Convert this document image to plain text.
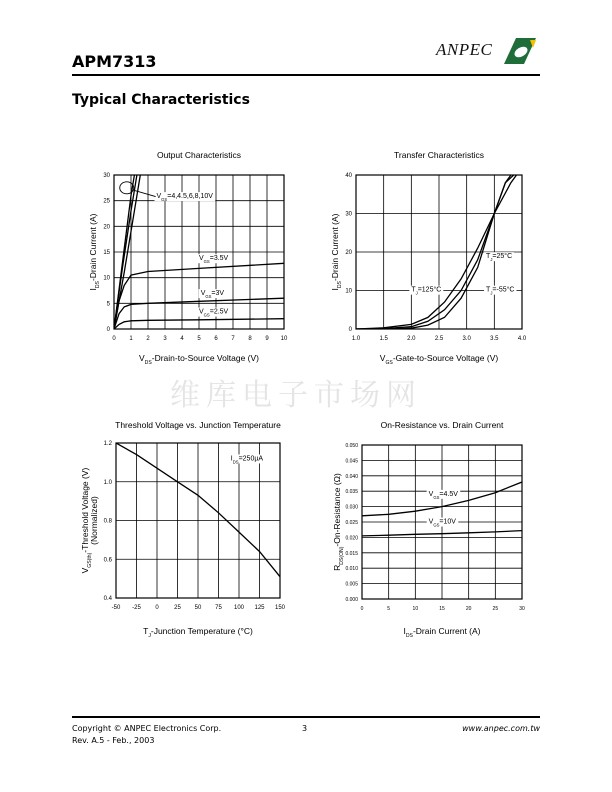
APM7313
ANPEC
Typical Characteristics
维库电子市场网
Output Characteristics
0 1 2 3 4 5 6 7 8 9 10
0
5
10
15
20
25
30
$V_{GS}=4,4.5,6,8,10V$
$V_{GS}=3.5V$
$V_{GS}=3V$
$V_{GS}=2.5V$
$V_{DS}-Drain-to$-Source Voltage (V)
$I_{DS}$-Drain Current (A)
Transfer Characteristics
1.0	1.5	2.0	2.5	3.0	3.5	4.0
0
10
20
30
40
$T_J=25^\circ C$
$T_J=125^\circ C$	$T_J=-55^\circ C$
$V_{GS}-Gate-to$-Source Voltage (V)
$I_{DS}$-Drain Current (A)
Threshold Voltage vs. Junction Temperature
-50 -25 0	25 50 75 100 125 150
0.4
0.6
0.8
1.0
1.2
$I_{DS}=250\mu A$
$T_J$-Junction Temperature (°C)
$V_{GS(th)}$-Threshold Voltage (V) (Normalized)
On-Resistance vs. Drain Current
0	5	10	15	20	25	30
0.000
0.005
0.010
0.015
0.020
0.025
0.030
0.035
0.040
0.045
0.050
$V_{GS}=4.5V$
$V_{GS}=10V$
$I_{DS}$-Drain Current (A)
$R_{DS(ON)}-On$-Resistance (Ω)
Copyright © ANPEC Electronics Corp.	3	www.anpec.com.tw
Rev. A.5 - Feb., 2003
